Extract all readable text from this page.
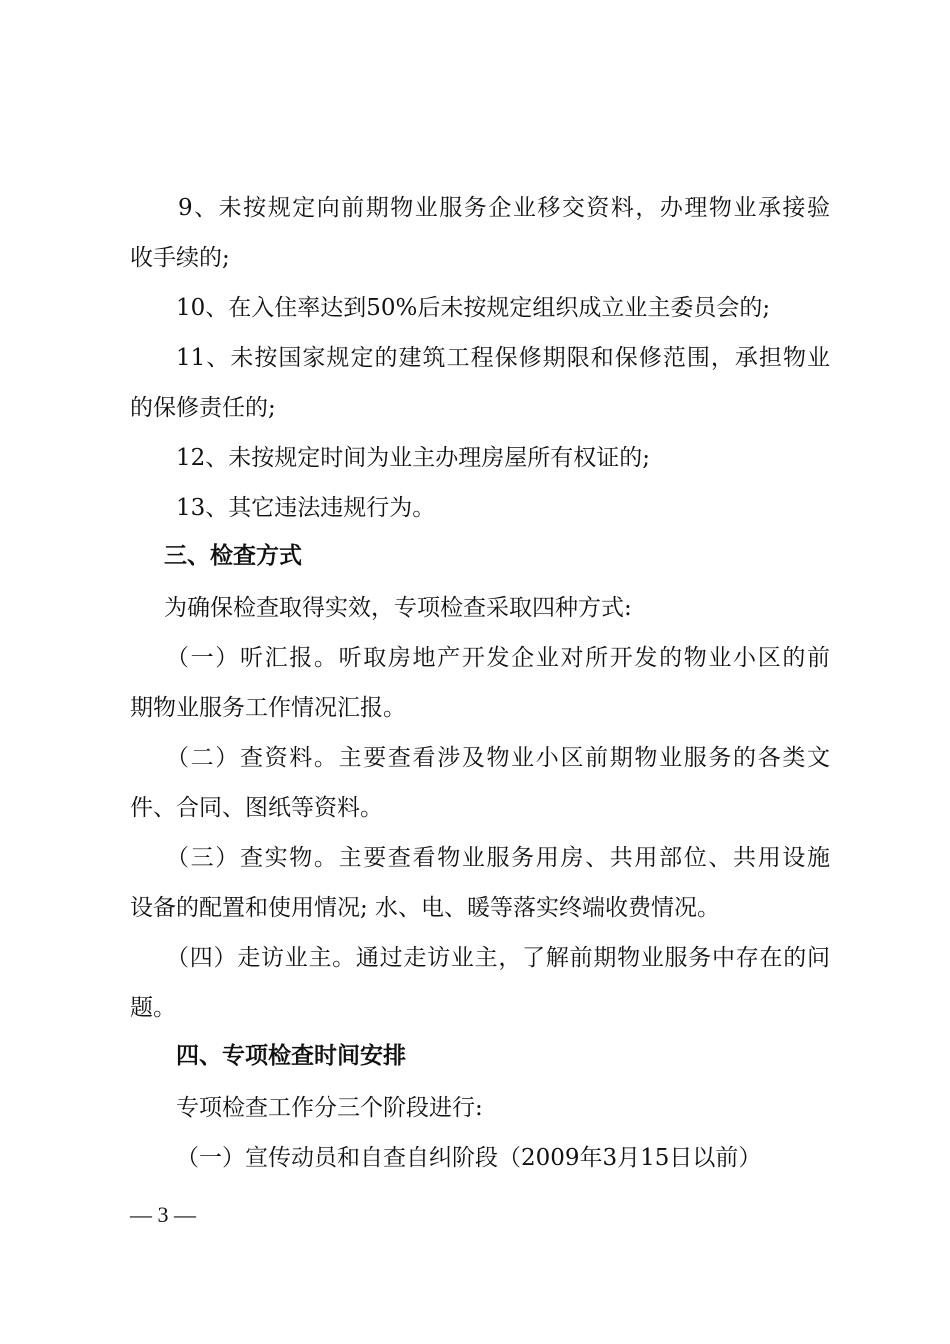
9、未按规定向前期物业服务企业移交资料，办理物业承接验
收手续的;
10、在入住率达到50%后未按规定组织成立业主委员会的;
11、未按国家规定的建筑工程保修期限和保修范围，承担物业
的保修责任的;
12、未按规定时间为业主办理房屋所有权证的;
13、其它违法违规行为。
三、检查方式
为确保检查取得实效，专项检查采取四种方式:
（一）听汇报。听取房地产开发企业对所开发的物业小区的前
期物业服务工作情况汇报。
（二）查资料。主要查看涉及物业小区前期物业服务的各类文
件、合同、图纸等资料。
（三）查实物。主要查看物业服务用房、共用部位、共用设施
设备的配置和使用情况; 水、电、暖等落实终端收费情况。
（四）走访业主。通过走访业主，了解前期物业服务中存在的问
题。
四、专项检查时间安排
专项检查工作分三个阶段进行:
（一）宣传动员和自查自纠阶段（2009年3月15日以前）
— 3 —
